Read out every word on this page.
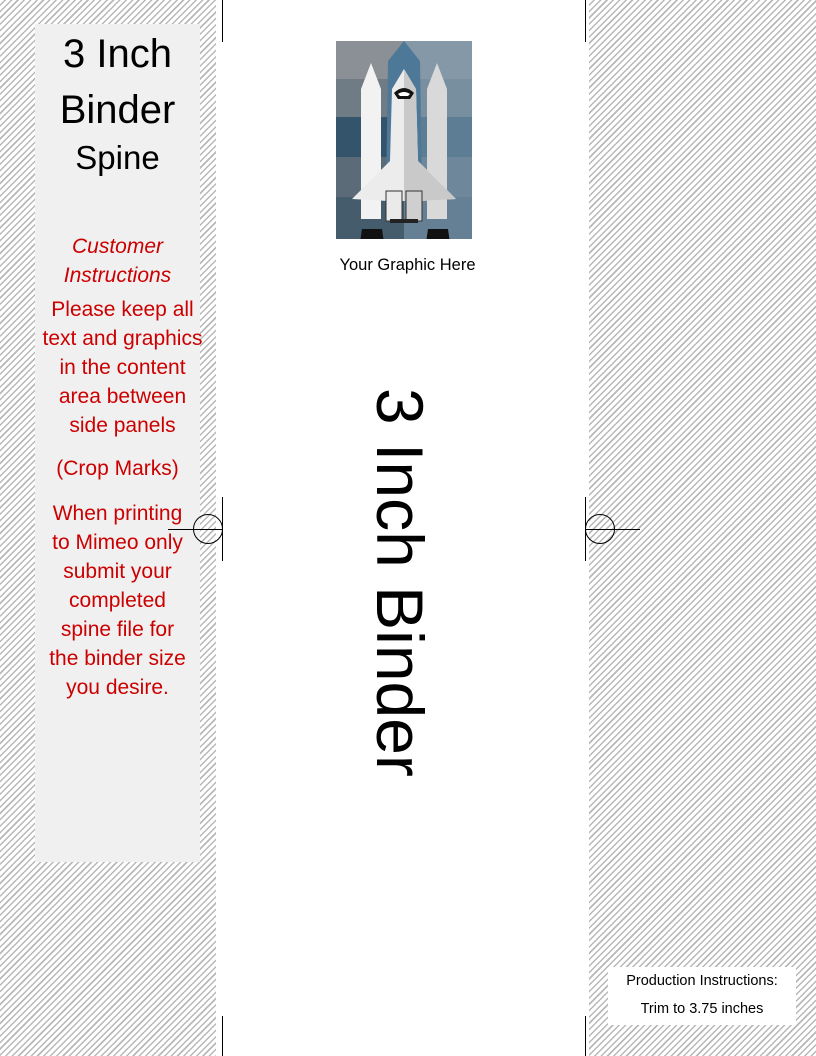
3 Inch
Binder
Spine
Customer Instructions
Please keep all text and graphics in the content area between side panels
(Crop Marks)
When printing to Mimeo only submit your completed spine file for the binder size you desire.
Your Graphic Here
3 Inch Binder
Production Instructions:
Trim to 3.75 inches
